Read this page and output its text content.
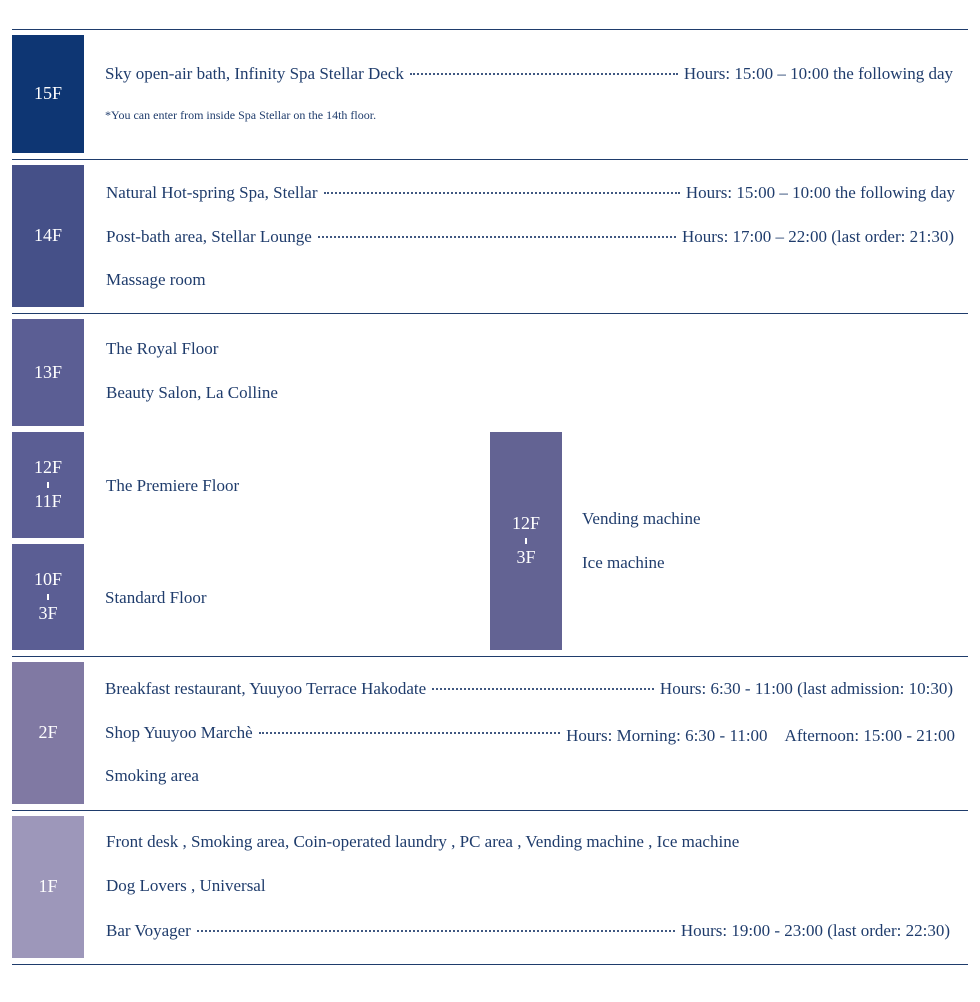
15F
Sky open-air bath, Infinity Spa Stellar Deck	Hours: 15:00 – 10:00 the following day
*You can enter from inside Spa Stellar on the 14th floor.
14F
Natural Hot-spring Spa, Stellar	Hours: 15:00 – 10:00 the following day
Post-bath area, Stellar Lounge	Hours: 17:00 – 22:00 (last order: 21:30)
Massage room
13F
The Royal Floor
Beauty Salon, La Colline
12F
11F
The Premiere Floor
10F
3F
Standard Floor
12F
3F
Vending machine
Ice machine
2F
Breakfast restaurant, Yuuyoo Terrace Hakodate	Hours: 6:30 - 11:00 (last admission: 10:30)
Shop Yuuyoo Marchè	Hours: Morning: 6:30 - 11:00　Afternoon: 15:00 - 21:00
Smoking area
1F
Front desk , Smoking area, Coin-operated laundry , PC area , Vending machine , Ice machine
Dog Lovers , Universal
Bar Voyager	Hours: 19:00 - 23:00 (last order: 22:30)
